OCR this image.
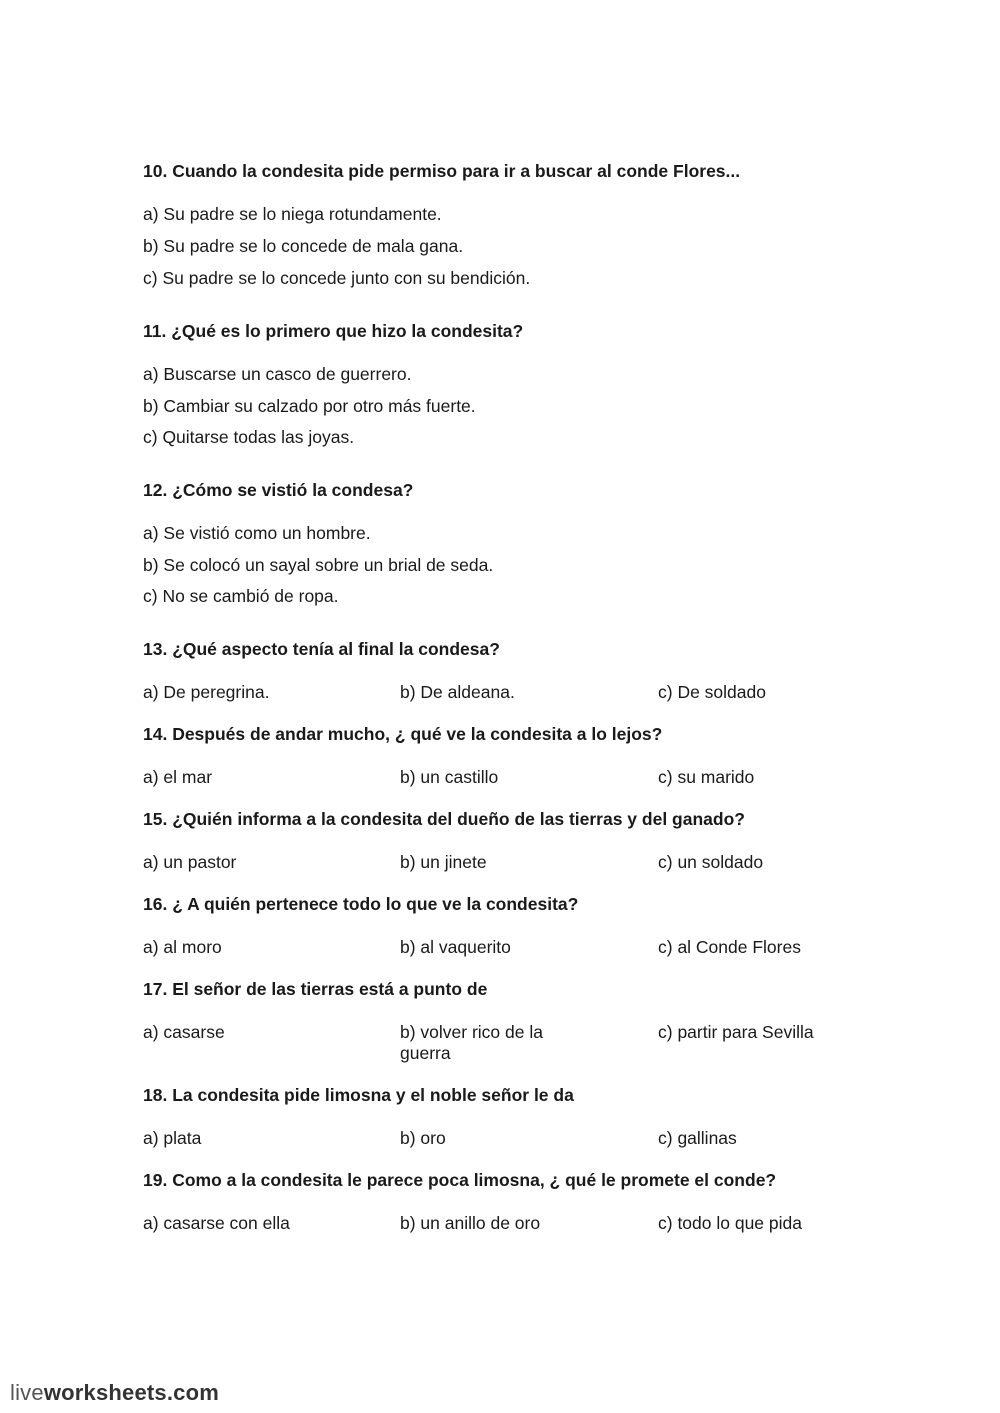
10. Cuando la condesita pide permiso para ir a buscar al conde Flores...
a) Su padre se lo niega rotundamente.
b) Su padre se lo concede de mala gana.
c) Su padre se lo concede junto con su bendición.
11. ¿Qué es lo primero que hizo la condesita?
a) Buscarse un casco de guerrero.
b) Cambiar su calzado por otro más fuerte.
c) Quitarse todas las joyas.
12. ¿Cómo se vistió la condesa?
a) Se vistió como un hombre.
b) Se colocó un sayal sobre un brial de seda.
c) No se cambió de ropa.
13. ¿Qué aspecto tenía al final la condesa?
a) De peregrina.	b) De aldeana.	c) De soldado
14. Después de andar mucho, ¿ qué ve la condesita a lo lejos?
a) el mar	b) un castillo	c) su marido
15. ¿Quién informa a la condesita del dueño de las tierras y del ganado?
a) un pastor	b) un jinete	c) un soldado
16. ¿ A quién pertenece todo lo que ve la condesita?
a) al moro	b) al vaquerito	c) al Conde Flores
17. El señor de las tierras está a punto de
a) casarse	b) volver rico de la guerra
c) partir para Sevilla
18. La condesita pide limosna y el noble señor le da
a) plata	b) oro	c) gallinas
19. Como a la condesita le parece poca limosna, ¿ qué le promete el conde?
a) casarse con ella	b) un anillo de oro	c) todo lo que pida
liveworksheets.com
